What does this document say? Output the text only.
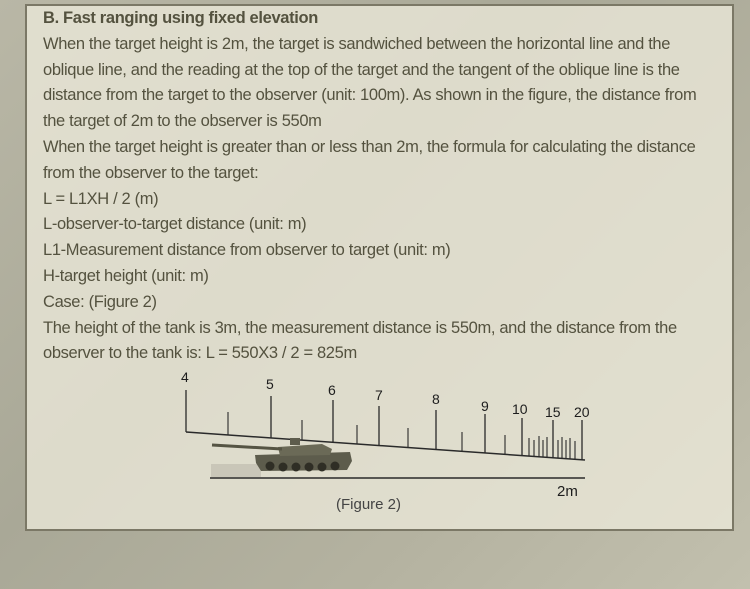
B. Fast ranging using fixed elevation
When the target height is 2m, the target is sandwiched between the horizontal line and the
oblique line, and the reading at the top of the target and the tangent of the oblique line is the
distance from the target to the observer (unit: 100m). As shown in the figure, the distance from
the target of 2m to the observer is 550m
When the target height is greater than or less than 2m, the formula for calculating the distance
from the observer to the target:
L = L1XH / 2 (m)
L-observer-to-target distance (unit: m)
L1-Measurement distance from observer to target (unit: m)
H-target height (unit: m)
Case: (Figure 2)
The height of the tank is 3m, the measurement distance is 550m, and the distance from the
observer to the tank is: L = 550X3 / 2 = 825m
4	5	6	7	8	9 10 15 20
2m
(Figure 2)
